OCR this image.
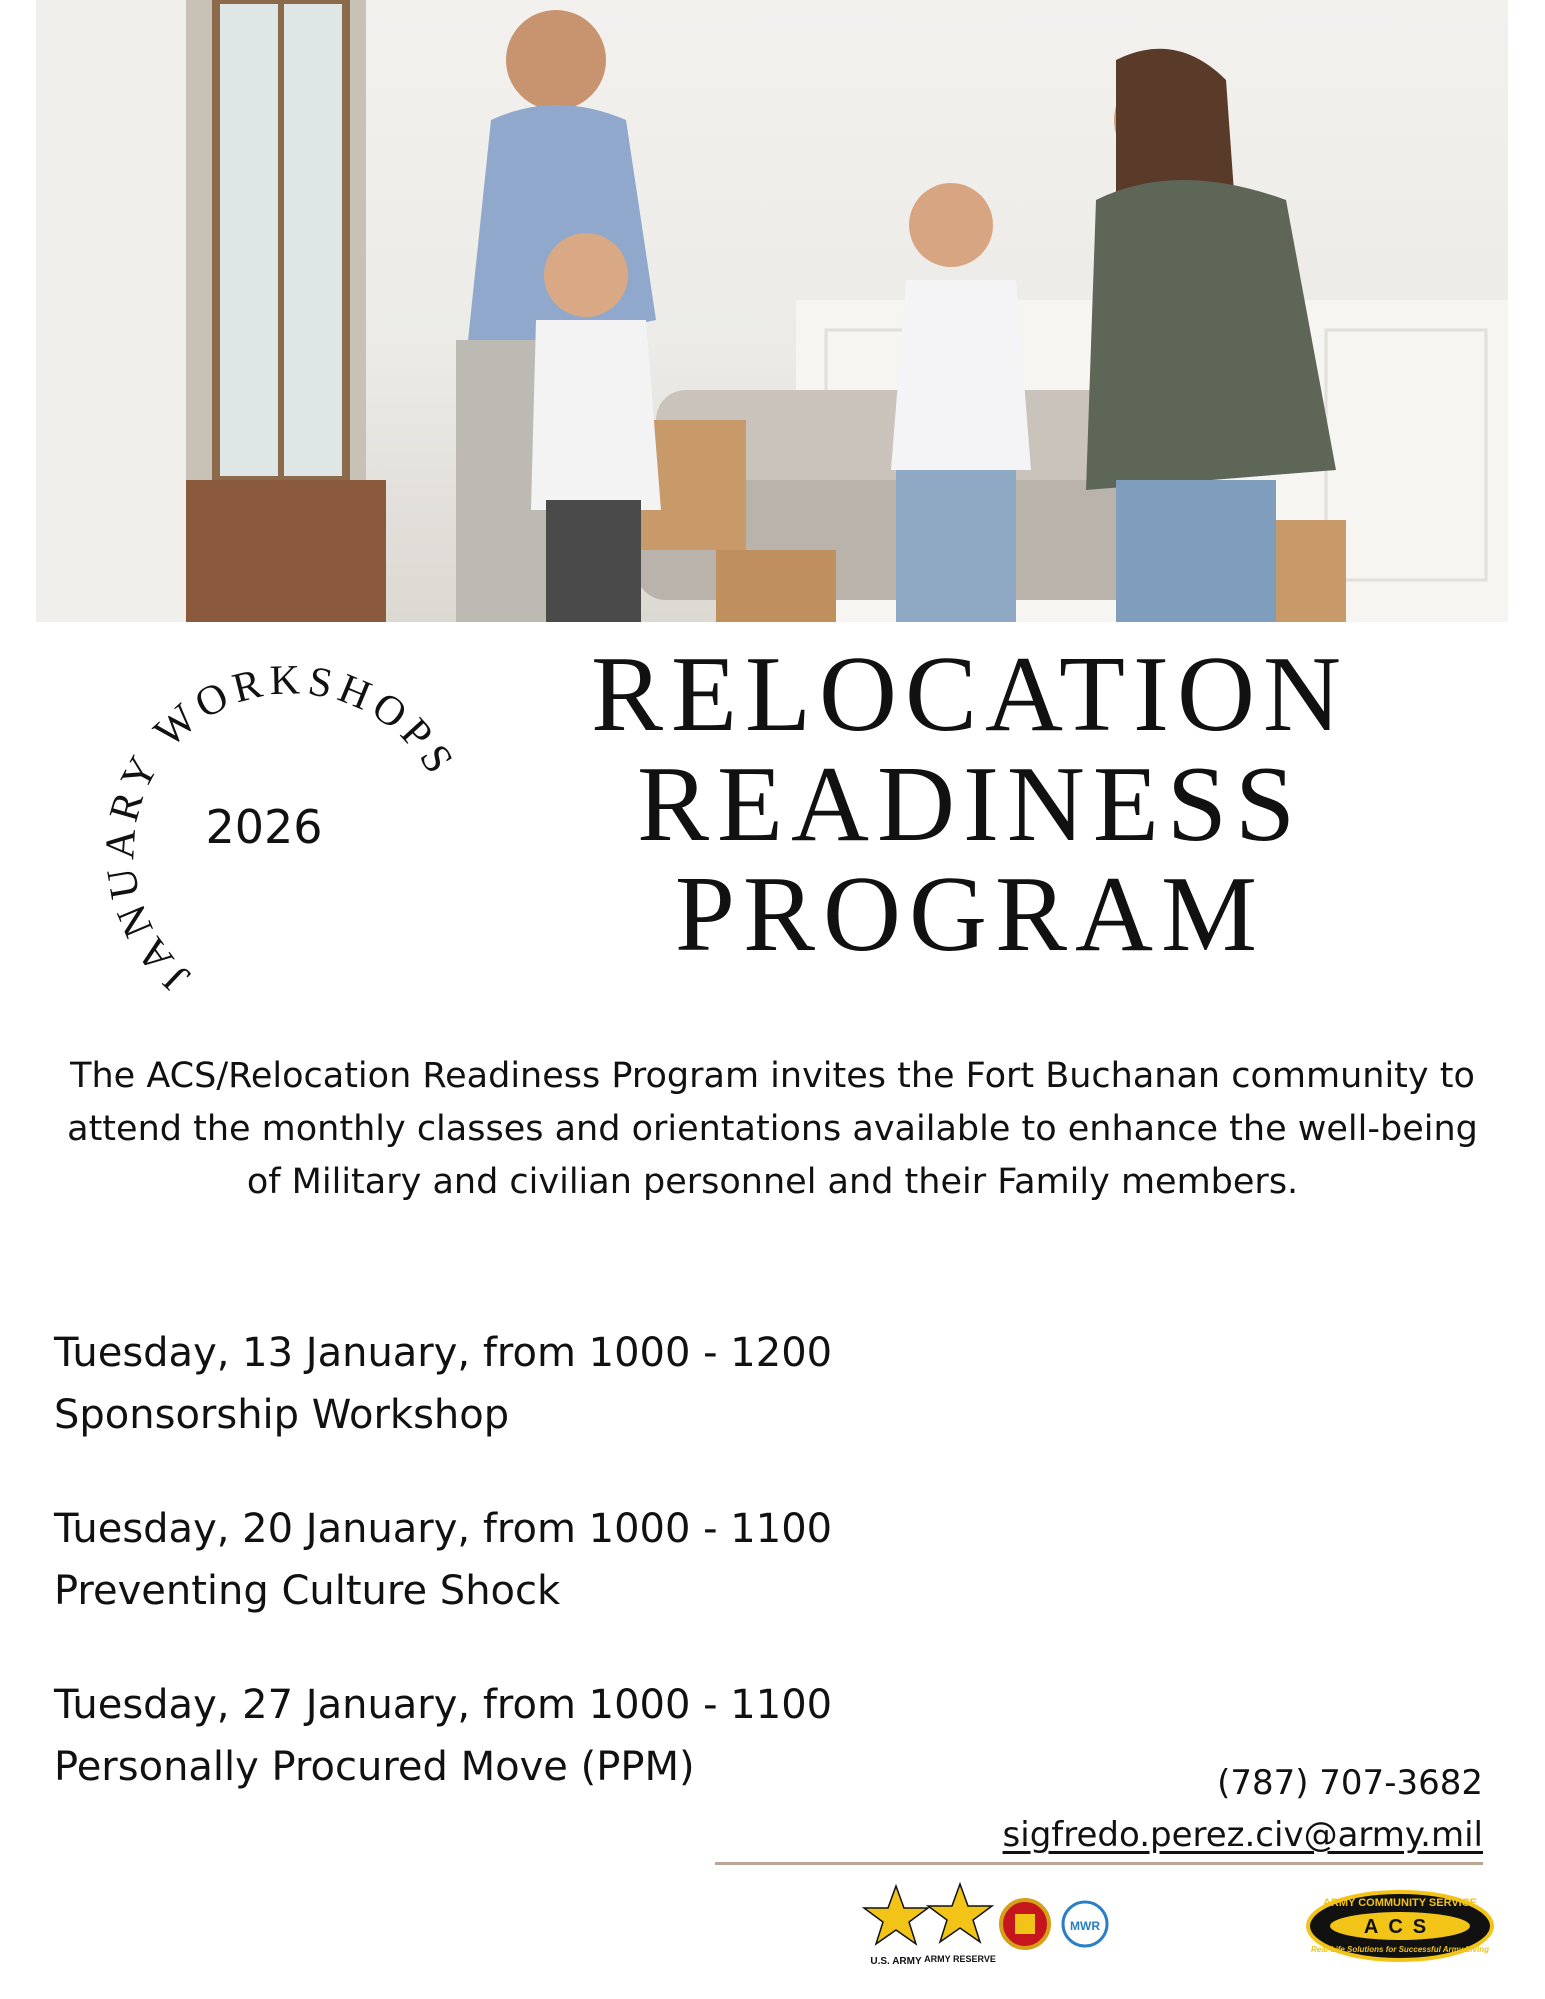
JANUARY WORKSHOPS
2026
RELOCATION
READINESS
PROGRAM
The ACS/Relocation Readiness Program invites the Fort Buchanan community to attend the monthly classes and orientations available to enhance the well-being of Military and civilian personnel and their Family members.
Tuesday, 13 January, from 1000 - 1200
Sponsorship Workshop
Tuesday, 20 January, from 1000 - 1100
Preventing Culture Shock
Tuesday, 27 January, from 1000 - 1100
Personally Procured Move (PPM)	(787) 707-3682
sigfredo.perez.civ@army.mil
U.S. ARMY ARMY RESERVE
MWR
ARMY COMMUNITY SERVICE
ACS
Real-Life Solutions for Successful Army Living
